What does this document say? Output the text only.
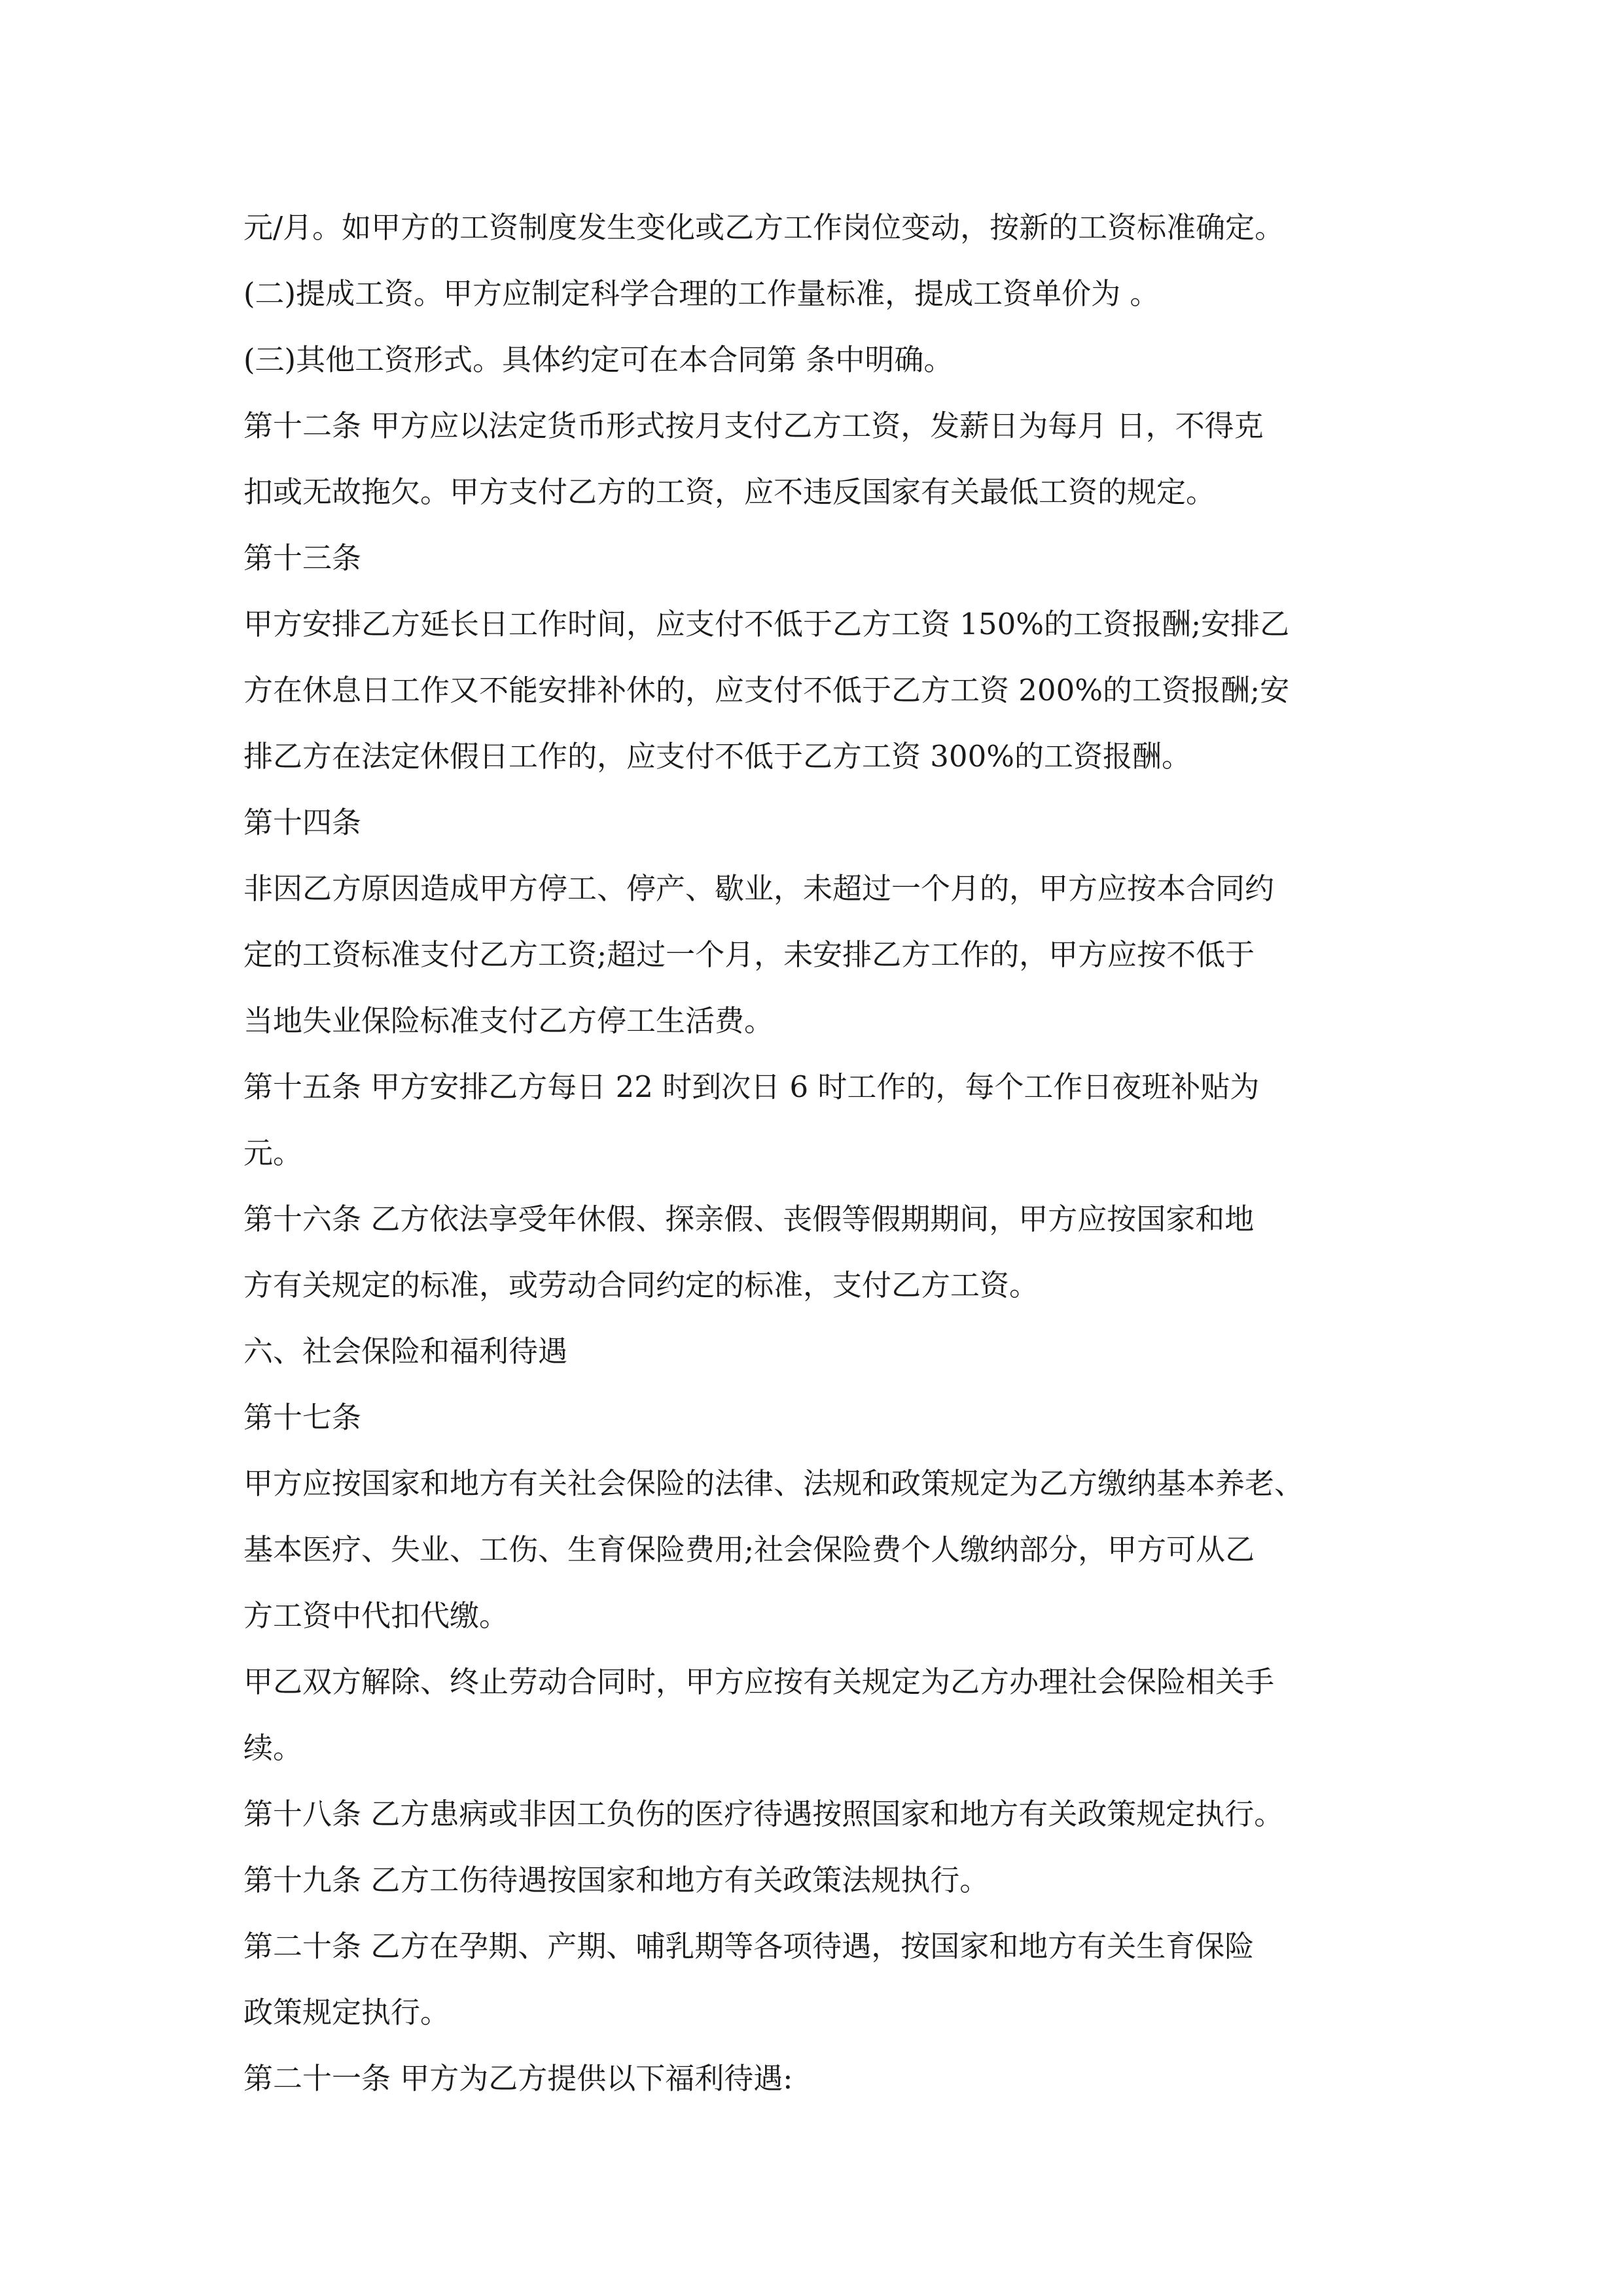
元/月。如甲方的工资制度发生变化或乙方工作岗位变动，按新的工资标准确定。

(二)提成工资。甲方应制定科学合理的工作量标准，提成工资单价为 。

(三)其他工资形式。具体约定可在本合同第 条中明确。

第十二条 甲方应以法定货币形式按月支付乙方工资，发薪日为每月 日，不得克

扣或无故拖欠。甲方支付乙方的工资，应不违反国家有关最低工资的规定。

第十三条

甲方安排乙方延长日工作时间，应支付不低于乙方工资 150%的工资报酬;安排乙

方在休息日工作又不能安排补休的，应支付不低于乙方工资 200%的工资报酬;安

排乙方在法定休假日工作的，应支付不低于乙方工资 300%的工资报酬。

第十四条

非因乙方原因造成甲方停工、停产、歇业，未超过一个月的，甲方应按本合同约

定的工资标准支付乙方工资;超过一个月，未安排乙方工作的，甲方应按不低于

当地失业保险标准支付乙方停工生活费。

第十五条 甲方安排乙方每日 22 时到次日 6 时工作的，每个工作日夜班补贴为

元。

第十六条 乙方依法享受年休假、探亲假、丧假等假期期间，甲方应按国家和地

方有关规定的标准，或劳动合同约定的标准，支付乙方工资。

六、社会保险和福利待遇

第十七条

甲方应按国家和地方有关社会保险的法律、法规和政策规定为乙方缴纳基本养老、

基本医疗、失业、工伤、生育保险费用;社会保险费个人缴纳部分，甲方可从乙

方工资中代扣代缴。

甲乙双方解除、终止劳动合同时，甲方应按有关规定为乙方办理社会保险相关手

续。

第十八条 乙方患病或非因工负伤的医疗待遇按照国家和地方有关政策规定执行。

第十九条 乙方工伤待遇按国家和地方有关政策法规执行。

第二十条 乙方在孕期、产期、哺乳期等各项待遇，按国家和地方有关生育保险

政策规定执行。

第二十一条 甲方为乙方提供以下福利待遇:
